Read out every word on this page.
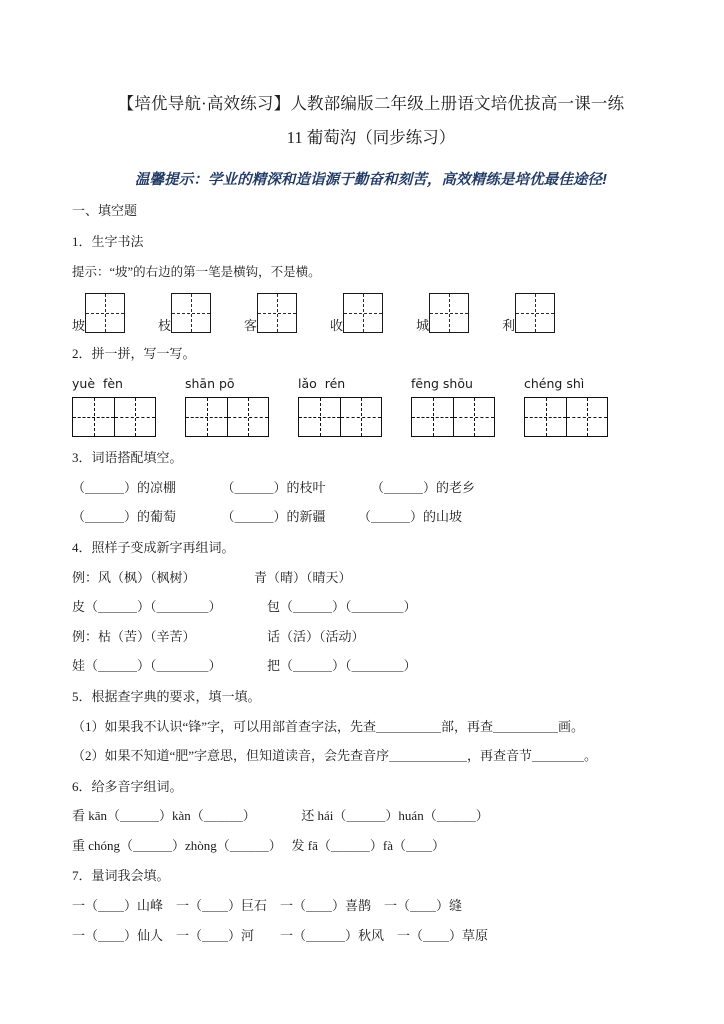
【培优导航·高效练习】人教部编版二年级上册语文培优拔高一课一练
11 葡萄沟（同步练习）
温馨提示：学业的精深和造诣源于勤奋和刻苦，高效精练是培优最佳途径!
一、填空题
1．生字书法
提示：“坡”的右边的第一笔是横钩，不是横。
坡	枝	客	收	城	利
2．拼一拼，写一写。
yuè  fèn	shān pō	lǎo  rén	fēng shōu	chéng shì
3．词语搭配填空。
（＿＿＿）的凉棚　　　　（＿＿＿）的枝叶　　　　（＿＿＿）的老乡
（＿＿＿）的葡萄　　　　（＿＿＿）的新疆　　　（＿＿＿）的山坡
4．照样子变成新字再组词。
例：风（枫）（枫树）　　　　　青（晴）（晴天）
皮（＿＿＿）（＿＿＿＿）　　　　包（＿＿＿）（＿＿＿＿）
例：枯（苦）（辛苦）　　　　　　话（活）（活动）
娃（＿＿＿）（＿＿＿＿）　　　　把（＿＿＿）（＿＿＿＿）
5．根据查字典的要求，填一填。
（1）如果我不认识“锋”字，可以用部首查字法，先查＿＿＿＿＿部，再查＿＿＿＿＿画。
（2）如果不知道“肥”字意思，但知道读音，会先查音序＿＿＿＿＿＿，再查音节＿＿＿＿。
6．给多音字组词。
看 kān（＿＿＿）kàn（＿＿＿）　　　　还 hái（＿＿＿）huán（＿＿＿）
重 chóng（＿＿＿）zhòng（＿＿＿）　 发 fā（＿＿＿）fà（＿＿）
7．量词我会填。
一（＿＿）山峰　一（＿＿）巨石　一（＿＿）喜鹊　一（＿＿）缝
一（＿＿）仙人　一（＿＿）河　　一（＿＿＿）秋风　一（＿＿）草原
